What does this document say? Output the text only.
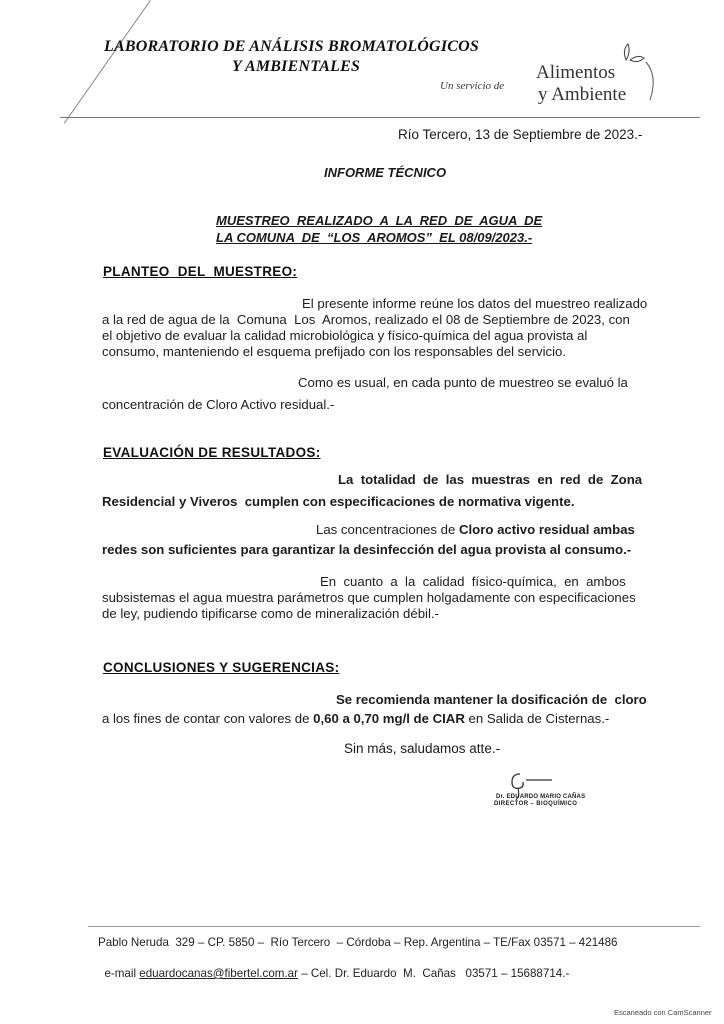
LABORATORIO DE ANÁLISIS BROMATOLÓGICOS
Y AMBIENTALES
Un servicio de
Alimentos
y Ambiente
Río Tercero, 13 de Septiembre de 2023.-
INFORME TÉCNICO
MUESTREO  REALIZADO  A  LA  RED  DE  AGUA  DE
LA COMUNA  DE  “LOS  AROMOS”  EL 08/09/2023.-
PLANTEO  DEL  MUESTREO:
El presente informe reúne los datos del muestreo realizado
a la red de agua de la  Comuna  Los  Aromos, realizado el 08 de Septiembre de 2023, con
el objetivo de evaluar la calidad microbiológica y físico-química del agua provista al
consumo, manteniendo el esquema prefijado con los responsables del servicio.
Como es usual, en cada punto de muestreo se evaluó la
concentración de Cloro Activo residual.-
EVALUACIÓN DE RESULTADOS:
La  totalidad  de  las  muestras  en  red  de  Zona
Residencial y Viveros  cumplen con especificaciones de normativa vigente.
Las concentraciones de Cloro activo residual ambas
redes son suficientes para garantizar la desinfección del agua provista al consumo.-
En  cuanto  a  la  calidad  físico-química,  en  ambos
subsistemas el agua muestra parámetros que cumplen holgadamente con especificaciones
de ley, pudiendo tipificarse como de mineralización débil.-
CONCLUSIONES Y SUGERENCIAS:
Se recomienda mantener la dosificación de  cloro
a los fines de contar con valores de 0,60 a 0,70 mg/l de CIAR en Salida de Cisternas.-
Sin más, saludamos atte.-
Dr. EDUARDO MARIO CAÑAS
DIRECTOR – BIOQUÍMICO
Pablo Neruda  329 – CP. 5850 –  Río Tercero  – Córdoba – Rep. Argentina – TE/Fax 03571 – 421486

e-mail eduardocanas@fibertel.com.ar – Cel. Dr. Eduardo  M.  Cañas   03571 – 15688714.-

Escaneado con CamScanner
